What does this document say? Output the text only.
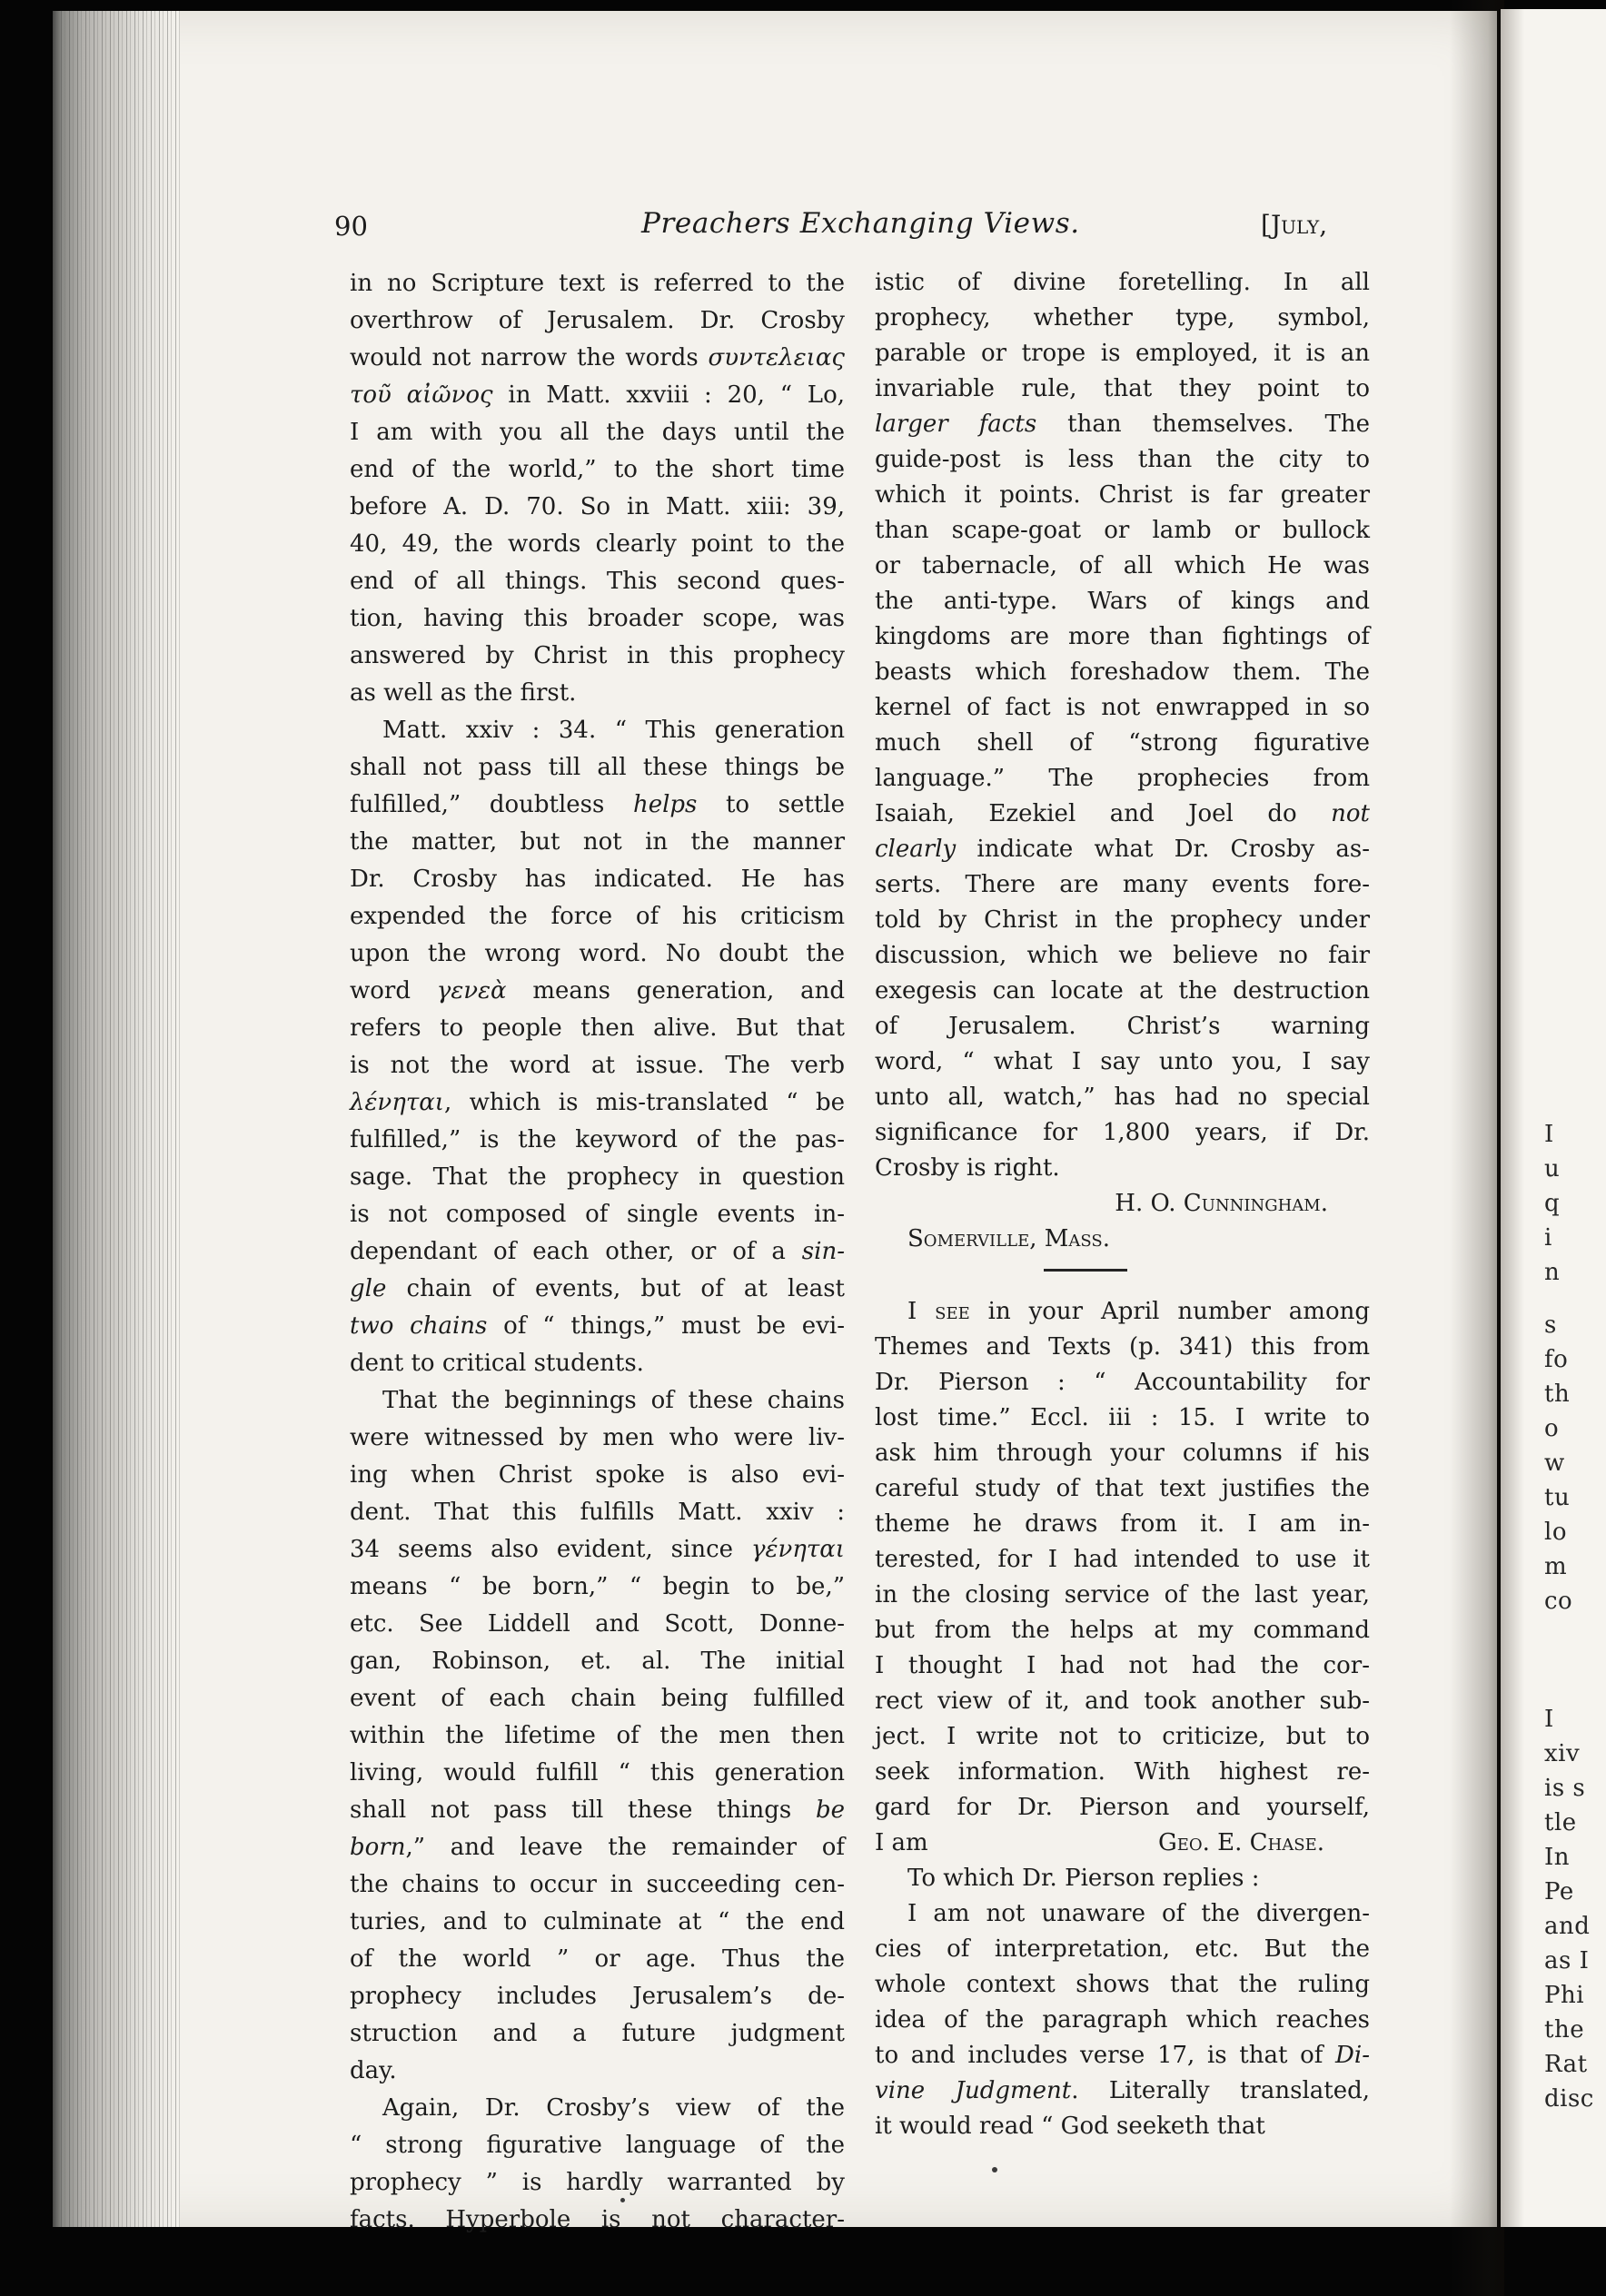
90	Preachers Exchanging Views.	[July,
in no Scripture text is referred to the
overthrow of Jerusalem. Dr. Crosby
would not narrow the words συντελειας
τοῦ αἰῶνος in Matt. xxviii : 20, “ Lo,
I am with you all the days until the
end of the world,” to the short time
before A. D. 70. So in Matt. xiii: 39,
40, 49, the words clearly point to the
end of all things. This second ques-
tion, having this broader scope, was
answered by Christ in this prophecy
as well as the first.
Matt. xxiv : 34. “ This generation
shall not pass till all these things be
fulfilled,” doubtless helps to settle
the matter, but not in the manner
Dr. Crosby has indicated. He has
expended the force of his criticism
upon the wrong word. No doubt the
word γενεὰ means generation, and
refers to people then alive. But that
is not the word at issue. The verb
λένηται, which is mis-translated “ be
fulfilled,” is the keyword of the pas-
sage. That the prophecy in question
is not composed of single events in-
dependant of each other, or of a sin-
gle chain of events, but of at least
two chains of “ things,” must be evi-
dent to critical students.
That the beginnings of these chains
were witnessed by men who were liv-
ing when Christ spoke is also evi-
dent. That this fulfills Matt. xxiv :
34 seems also evident, since γένηται
means “ be born,” “ begin to be,”
etc. See Liddell and Scott, Donne-
gan, Robinson, et. al. The initial
event of each chain being fulfilled
within the lifetime of the men then
living, would fulfill “ this generation
shall not pass till these things be
born,” and leave the remainder of
the chains to occur in succeeding cen-
turies, and to culminate at “ the end
of the world ” or age. Thus the
prophecy includes Jerusalem’s de-
struction and a future judgment
day.
Again, Dr. Crosby’s view of the
“ strong figurative language of the
prophecy ” is hardly warranted by
facts. Hyperbole is not character-
istic of divine foretelling. In all
prophecy, whether type, symbol,
parable or trope is employed, it is an
invariable rule, that they point to
larger facts than themselves. The
guide-post is less than the city to
which it points. Christ is far greater
than scape-goat or lamb or bullock
or tabernacle, of all which He was
the anti-type. Wars of kings and
kingdoms are more than fightings of
beasts which foreshadow them. The
kernel of fact is not enwrapped in so
much shell of “strong figurative
language.” The prophecies from
Isaiah, Ezekiel and Joel do not
clearly indicate what Dr. Crosby as-
serts. There are many events fore-
told by Christ in the prophecy under
discussion, which we believe no fair
exegesis can locate at the destruction
of Jerusalem. Christ’s warning
word, “ what I say unto you, I say
unto all, watch,” has had no special
significance for 1,800 years, if Dr.
Crosby is right.
H. O. Cunningham.
Somerville, Mass.
I see in your April number among
Themes and Texts (p. 341) this from
Dr. Pierson : “ Accountability for
lost time.” Eccl. iii : 15. I write to
ask him through your columns if his
careful study of that text justifies the
theme he draws from it. I am in-
terested, for I had intended to use it
in the closing service of the last year,
but from the helps at my command
I thought I had not had the cor-
rect view of it, and took another sub-
ject. I write not to criticize, but to
seek information. With highest re-
gard for Dr. Pierson and yourself,
I am	Geo. E. Chase.
To which Dr. Pierson replies :
I am not unaware of the divergen-
cies of interpretation, etc. But the
whole context shows that the ruling
idea of the paragraph which reaches
to and includes verse 17, is that of Di-
vine Judgment. Literally translated,
it would read “ God seeketh that
I
u
q
i
n
s
fo
th
o
w
tu
lo
m
co
I
xiv
is s
tle
In
Pe
and
as I
Phi
the
Rat
disc
